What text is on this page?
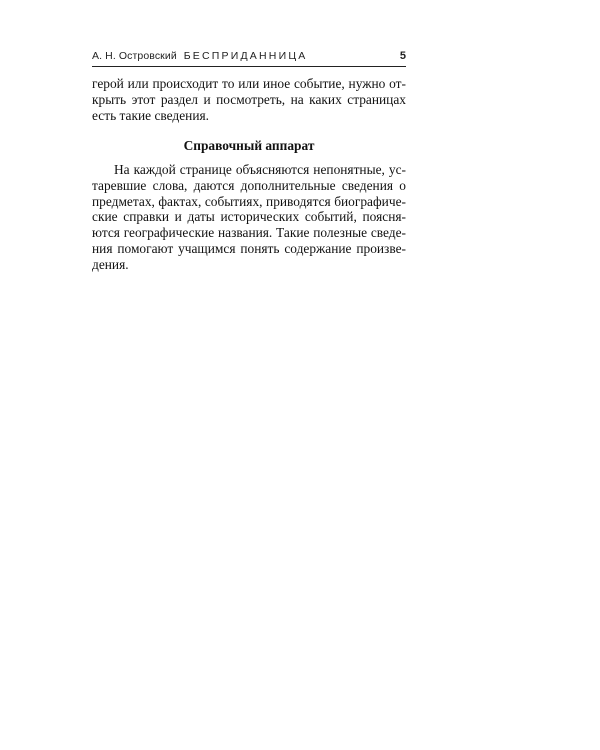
А. Н. Островский БЕСПРИДАННИЦА	5
герой или происходит то или иное событие, нужно от-
крыть этот раздел и посмотреть, на каких страницах
есть такие сведения.
Справочный аппарат
На каждой странице объясняются непонятные, ус-
таревшие слова, даются дополнительные сведения о
предметах, фактах, событиях, приводятся биографиче-
ские справки и даты исторических событий, поясня-
ются географические названия. Такие полезные сведе-
ния помогают учащимся понять содержание произве-
дения.
